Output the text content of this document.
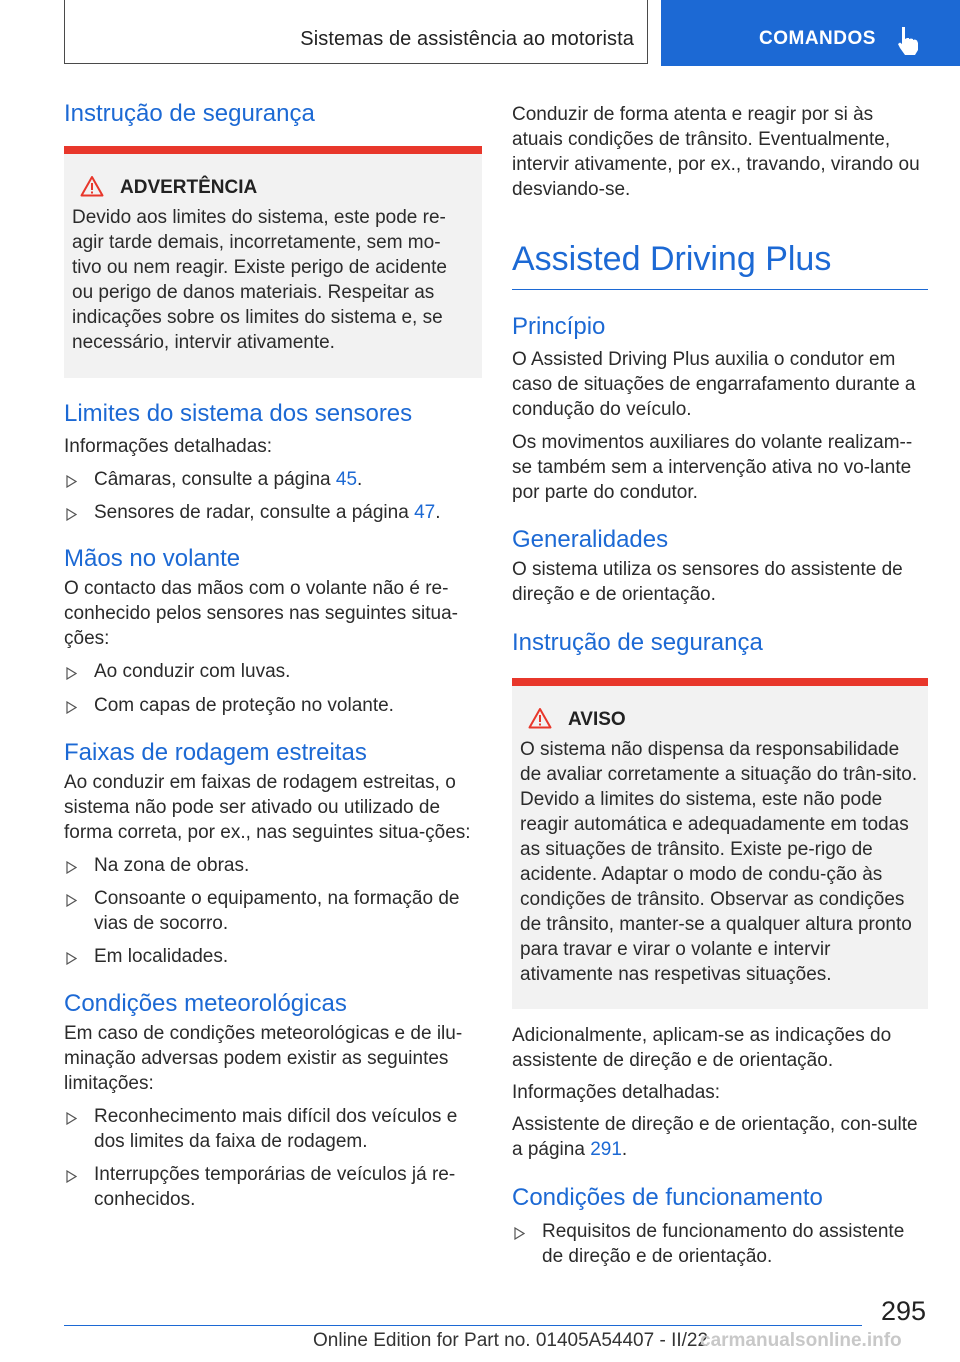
Sistemas de assistência ao motorista	COMANDOS
Instrução de segurança
ADVERTÊNCIA

Devido aos limites do sistema, este pode re-agir tarde demais, incorretamente, sem mo-tivo ou nem reagir. Existe perigo de acidente ou perigo de danos materiais. Respeitar as indicações sobre os limites do sistema e, se necessário, intervir ativamente.

Limites do sistema dos sensores

Informações detalhadas:

Câmaras, consulte a página 45.
Sensores de radar, consulte a página 47.
Mãos no volante

O contacto das mãos com o volante não é re-conhecido pelos sensores nas seguintes situa-ções:

Ao conduzir com luvas.
Com capas de proteção no volante.
Faixas de rodagem estreitas

Ao conduzir em faixas de rodagem estreitas, o sistema não pode ser ativado ou utilizado de forma correta, por ex., nas seguintes situa-ções:

Na zona de obras.
Consoante o equipamento, na formação de vias de socorro.
Em localidades.
Condições meteorológicas

Em caso de condições meteorológicas e de ilu-minação adversas podem existir as seguintes limitações:

Reconhecimento mais difícil dos veículos e dos limites da faixa de rodagem.
Interrupções temporárias de veículos já re-conhecidos.

Conduzir de forma atenta e reagir por si às atuais condições de trânsito. Eventualmente, intervir ativamente, por ex., travando, virando ou desviando-se.

Assisted Driving Plus
Princípio

O Assisted Driving Plus auxilia o condutor em caso de situações de engarrafamento durante a condução do veículo.

Os movimentos auxiliares do volante realizam--se também sem a intervenção ativa no vo-lante por parte do condutor.

Generalidades

O sistema utiliza os sensores do assistente de direção e de orientação.

Instrução de segurança
AVISO

O sistema não dispensa da responsabilidade de avaliar corretamente a situação do trân-sito. Devido a limites do sistema, este não pode reagir automática e adequadamente em todas as situações de trânsito. Existe pe-rigo de acidente. Adaptar o modo de condu-ção às condições de trânsito. Observar as condições de trânsito, manter-se a qualquer altura pronto para travar e virar o volante e intervir ativamente nas respetivas situações.

Adicionalmente, aplicam-se as indicações do assistente de direção e de orientação.

Informações detalhadas:

Assistente de direção e de orientação, con-sulte a página 291.

Condições de funcionamento
Requisitos de funcionamento do assistente de direção e de orientação.
295
Online Edition for Part no. 01405A54407 - II/22
carmanualsonline.info
